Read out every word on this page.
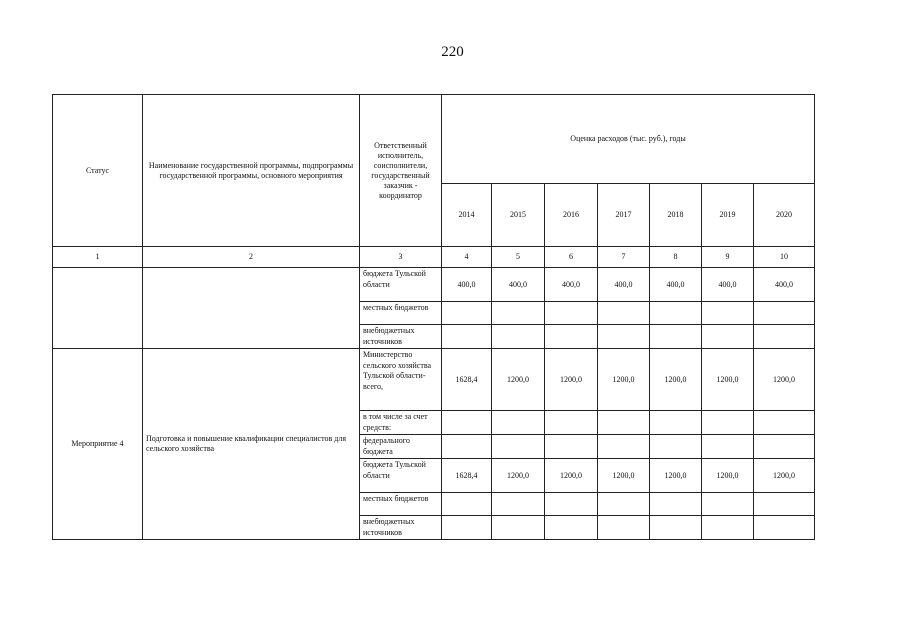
220
Статус	Наименование государственной программы, подпрограммы государственной программы, основного мероприятия	Ответственный исполнитель, соисполнители, государственный заказчик - координатор	Оценка расходов (тыс. руб.), годы						
			2014	2015	2016	2017	2018	2019	2020
1	2	3	4	5	6	7	8	9	10
		бюджета Тульской области	400,0	400,0	400,0	400,0	400,0	400,0	400,0
		местных бюджетов							
		внебюджетных источников							
Мероприятие 4	Подготовка и повышение квалификации специалистов для сельского хозяйства	Министерство сельского хозяйства Тульской области- всего,	1628,4	1200,0	1200,0	1200,0	1200,0	1200,0	1200,0
		в том числе за счет средств:							
		федерального бюджета							
		бюджета Тульской области	1628,4	1200,0	1200,0	1200,0	1200,0	1200,0	1200,0
		местных бюджетов							
		внебюджетных источников							
